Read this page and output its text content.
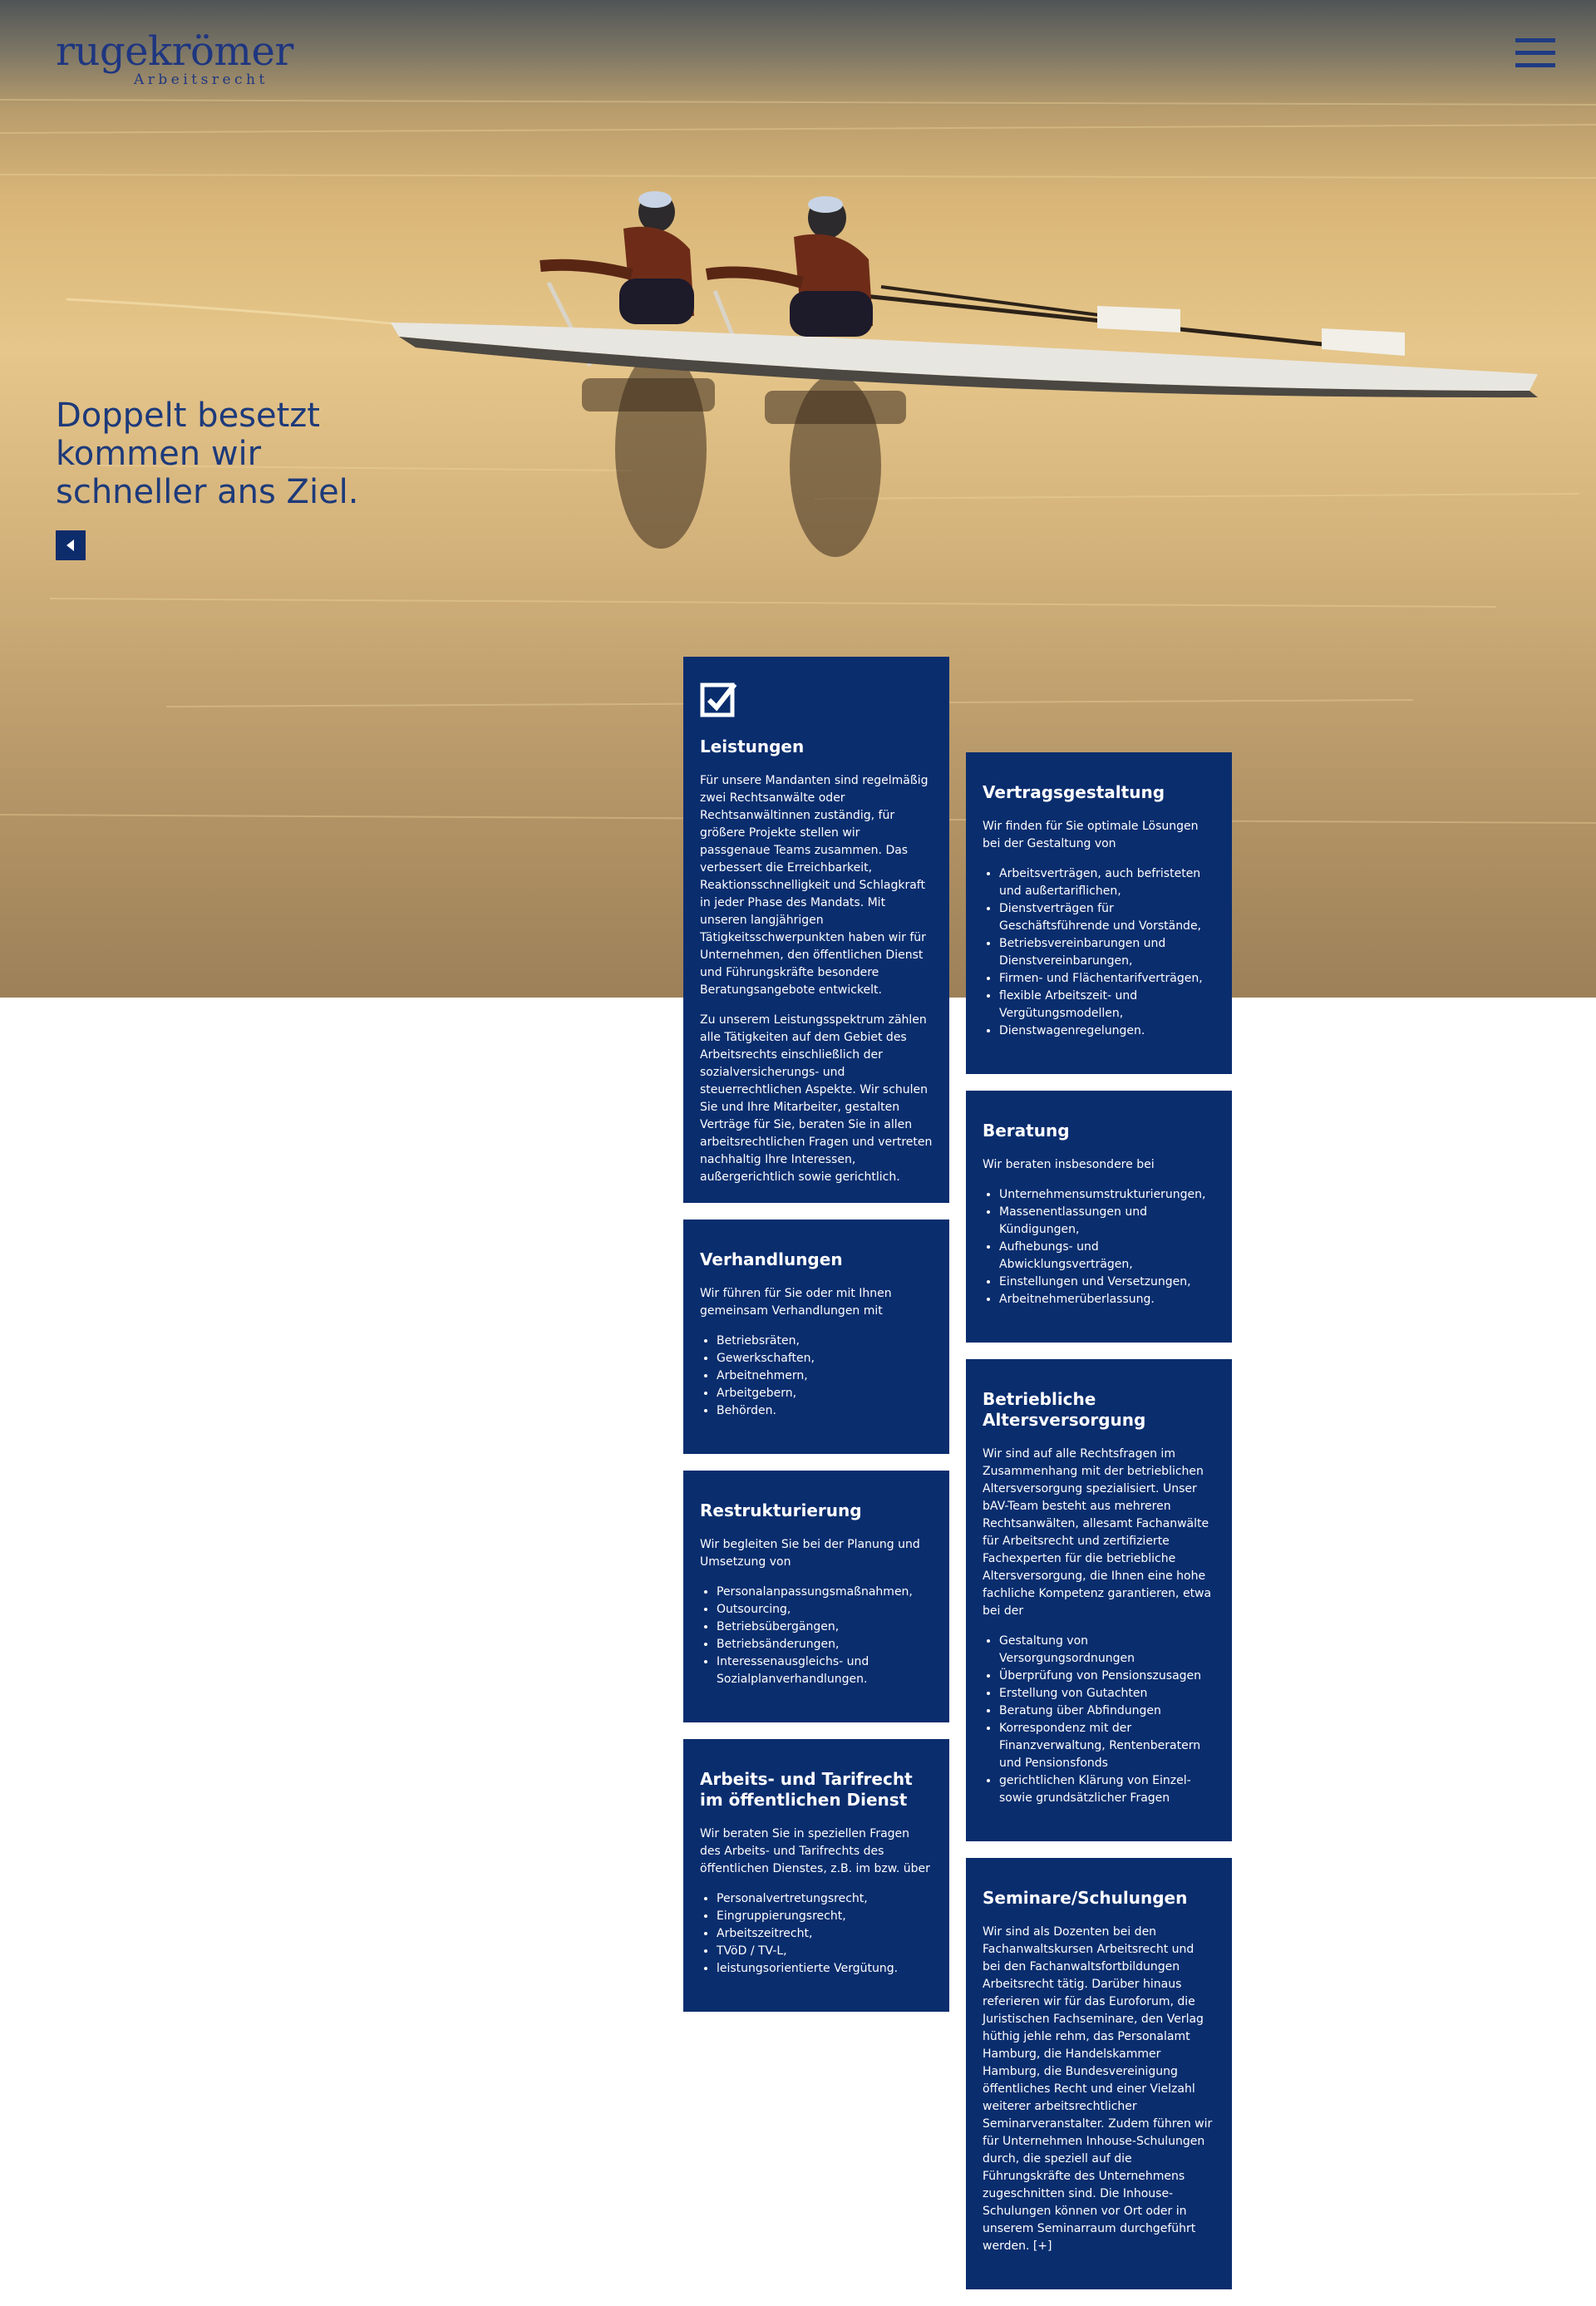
rugekrömer
Arbeitsrecht
Doppelt besetzt kommen wir schneller ans Ziel.
Leistungen

Für unsere Mandanten sind regelmäßig zwei Rechtsanwälte oder Rechtsanwältinnen zuständig, für größere Projekte stellen wir passgenaue Teams zusammen. Das verbessert die Erreichbarkeit, Reaktionsschnelligkeit und Schlagkraft in jeder Phase des Mandats. Mit unseren langjährigen Tätigkeitsschwerpunkten haben wir für Unternehmen, den öffentlichen Dienst und Führungskräfte besondere Beratungsangebote entwickelt.

Zu unserem Leistungsspektrum zählen alle Tätigkeiten auf dem Gebiet des Arbeitsrechts einschließlich der sozialversicherungs- und steuerrechtlichen Aspekte. Wir schulen Sie und Ihre Mitarbeiter, gestalten Verträge für Sie, beraten Sie in allen arbeitsrechtlichen Fragen und vertreten nachhaltig Ihre Interessen, außergerichtlich sowie gerichtlich.

Vertragsgestaltung

Wir finden für Sie optimale Lösungen bei der Gestaltung von

• Arbeitsverträgen, auch befristeten und außertariflichen,
• Dienstverträgen für Geschäftsführende und Vorstände,
• Betriebsvereinbarungen und Dienstvereinbarungen,
• Firmen- und Flächentarifverträgen,
• flexible Arbeitszeit- und Vergütungsmodellen,
• Dienstwagenregelungen.
Beratung

Wir beraten insbesondere bei

• Unternehmensumstrukturierungen,
• Massenentlassungen und Kündigungen,
• Aufhebungs- und Abwicklungsverträgen,
• Einstellungen und Versetzungen,
• Arbeitnehmerüberlassung.
Verhandlungen

Wir führen für Sie oder mit Ihnen gemeinsam Verhandlungen mit

• Betriebsräten,
• Gewerkschaften,
• Arbeitnehmern,
• Arbeitgebern,
• Behörden.
Betriebliche Altersversorgung

Wir sind auf alle Rechtsfragen im Zusammenhang mit der betrieblichen Altersversorgung spezialisiert. Unser bAV-Team besteht aus mehreren Rechtsanwälten, allesamt Fachanwälte für Arbeitsrecht und zertifizierte Fachexperten für die betriebliche Altersversorgung, die Ihnen eine hohe fachliche Kompetenz garantieren, etwa bei der

• Gestaltung von Versorgungsordnungen
• Überprüfung von Pensionszusagen
• Erstellung von Gutachten
• Beratung über Abfindungen
• Korrespondenz mit der Finanzverwaltung, Rentenberatern und Pensionsfonds
• gerichtlichen Klärung von Einzel- sowie grundsätzlicher Fragen
Restrukturierung

Wir begleiten Sie bei der Planung und Umsetzung von

• Personalanpassungsmaßnahmen,
• Outsourcing,
• Betriebsübergängen,
• Betriebsänderungen,
• Interessenausgleichs- und Sozialplanverhandlungen.
Arbeits- und Tarifrecht im öffentlichen Dienst

Wir beraten Sie in speziellen Fragen des Arbeits- und Tarifrechts des öffentlichen Dienstes, z.B. im bzw. über

• Personalvertretungsrecht,
• Eingruppierungsrecht,
• Arbeitszeitrecht,
• TVöD / TV-L,
• leistungsorientierte Vergütung.
Seminare/Schulungen

Wir sind als Dozenten bei den Fachanwaltskursen Arbeitsrecht und bei den Fachanwaltsfortbildungen Arbeitsrecht tätig. Darüber hinaus referieren wir für das Euroforum, die Juristischen Fachseminare, den Verlag hüthig jehle rehm, das Personalamt Hamburg, die Handelskammer Hamburg, die Bundesvereinigung öffentliches Recht und einer Vielzahl weiterer arbeitsrechtlicher Seminarveranstalter. Zudem führen wir für Unternehmen Inhouse-Schulungen durch, die speziell auf die Führungskräfte des Unternehmens zugeschnitten sind. Die Inhouse-Schulungen können vor Ort oder in unserem Seminarraum durchgeführt werden. [+]
